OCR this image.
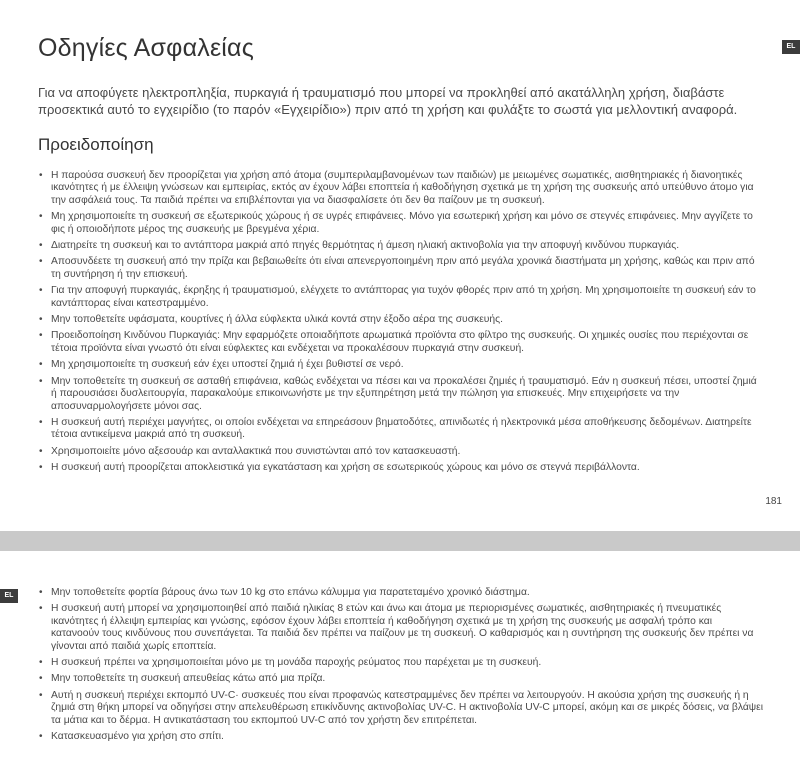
EL
Οδηγίες Ασφαλείας

Για να αποφύγετε ηλεκτροπληξία, πυρκαγιά ή τραυματισμό που μπορεί να προκληθεί από ακατάλληλη χρήση, διαβάστε προσεκτικά αυτό το εγχειρίδιο (το παρόν «Εγχειρίδιο») πριν από τη χρήση και φυλάξτε το σωστά για μελλοντική αναφορά.

Προειδοποίηση
• Η παρούσα συσκευή δεν προορίζεται για χρήση από άτομα (συμπεριλαμβανομένων των παιδιών) με μειωμένες σωματικές, αισθητηριακές ή διανοητικές ικανότητες ή με έλλειψη γνώσεων και εμπειρίας, εκτός αν έχουν λάβει εποπτεία ή καθοδήγηση σχετικά με τη χρήση της συσκευής από υπεύθυνο άτομο για την ασφάλειά τους. Τα παιδιά πρέπει να επιβλέπονται για να διασφαλίσετε ότι δεν θα παίζουν με τη συσκευή.
• Μη χρησιμοποιείτε τη συσκευή σε εξωτερικούς χώρους ή σε υγρές επιφάνειες. Μόνο για εσωτερική χρήση και μόνο σε στεγνές επιφάνειες. Μην αγγίζετε το φις ή οποιοδήποτε μέρος της συσκευής με βρεγμένα χέρια.
• Διατηρείτε τη συσκευή και το αντάπτορα μακριά από πηγές θερμότητας ή άμεση ηλιακή ακτινοβολία για την αποφυγή κινδύνου πυρκαγιάς.
• Αποσυνδέετε τη συσκευή από την πρίζα και βεβαιωθείτε ότι είναι απενεργοποιημένη πριν από μεγάλα χρονικά διαστήματα μη χρήσης, καθώς και πριν από τη συντήρηση ή την επισκευή.
• Για την αποφυγή πυρκαγιάς, έκρηξης ή τραυματισμού, ελέγχετε το αντάπτορας για τυχόν φθορές πριν από τη χρήση. Μη χρησιμοποιείτε τη συσκευή εάν το καντάπτορας είναι κατεστραμμένο.
• Μην τοποθετείτε υφάσματα, κουρτίνες ή άλλα εύφλεκτα υλικά κοντά στην έξοδο αέρα της συσκευής.
• Προειδοποίηση Κινδύνου Πυρκαγιάς: Μην εφαρμόζετε οποιαδήποτε αρωματικά προϊόντα στο φίλτρο της συσκευής. Οι χημικές ουσίες που περιέχονται σε τέτοια προϊόντα είναι γνωστό ότι είναι εύφλεκτες και ενδέχεται να προκαλέσουν πυρκαγιά στην συσκευή.
• Μη χρησιμοποιείτε τη συσκευή εάν έχει υποστεί ζημιά ή έχει βυθιστεί σε νερό.
• Μην τοποθετείτε τη συσκευή σε ασταθή επιφάνεια, καθώς ενδέχεται να πέσει και να προκαλέσει ζημιές ή τραυματισμό. Εάν η συσκευή πέσει, υποστεί ζημιά ή παρουσιάσει δυσλειτουργία, παρακαλούμε επικοινωνήστε με την εξυπηρέτηση μετά την πώληση για επισκευές. Μην επιχειρήσετε να την αποσυναρμολογήσετε μόνοι σας.
• Η συσκευή αυτή περιέχει μαγνήτες, οι οποίοι ενδέχεται να επηρεάσουν βηματοδότες, απινιδωτές ή ηλεκτρονικά μέσα αποθήκευσης δεδομένων. Διατηρείτε τέτοια αντικείμενα μακριά από τη συσκευή.
• Χρησιμοποιείτε μόνο αξεσουάρ και ανταλλακτικά που συνιστώνται από τον κατασκευαστή.
• Η συσκευή αυτή προορίζεται αποκλειστικά για εγκατάσταση και χρήση σε εσωτερικούς χώρους και μόνο σε στεγνά περιβάλλοντα.
181
EL	• Μην τοποθετείτε φορτία βάρους άνω των 10 kg στο επάνω κάλυμμα για παρατεταμένο χρονικό διάστημα.
• Η συσκευή αυτή μπορεί να χρησιμοποιηθεί από παιδιά ηλικίας 8 ετών και άνω και άτομα με περιορισμένες σωματικές, αισθητηριακές ή πνευματικές ικανότητες ή έλλειψη εμπειρίας και γνώσης, εφόσον έχουν λάβει εποπτεία ή καθοδήγηση σχετικά με τη χρήση της συσκευής με ασφαλή τρόπο και κατανοούν τους κινδύνους που συνεπάγεται. Τα παιδιά δεν πρέπει να παίζουν με τη συσκευή. Ο καθαρισμός και η συντήρηση της συσκευής δεν πρέπει να γίνονται από παιδιά χωρίς εποπτεία.
• Η συσκευή πρέπει να χρησιμοποιείται μόνο με τη μονάδα παροχής ρεύματος που παρέχεται με τη συσκευή.
• Μην τοποθετείτε τη συσκευή απευθείας κάτω από μια πρίζα.
• Αυτή η συσκευή περιέχει εκπομπό UV-C· συσκευές που είναι προφανώς κατεστραμμένες δεν πρέπει να λειτουργούν. Η ακούσια χρήση της συσκευής ή η ζημιά στη θήκη μπορεί να οδηγήσει στην απελευθέρωση επικίνδυνης ακτινοβολίας UV-C. Η ακτινοβολία UV-C μπορεί, ακόμη και σε μικρές δόσεις, να βλάψει τα μάτια και το δέρμα. Η αντικατάσταση του εκπομπού UV-C από τον χρήστη δεν επιτρέπεται.
• Κατασκευασμένο για χρήση στο σπίτι.
